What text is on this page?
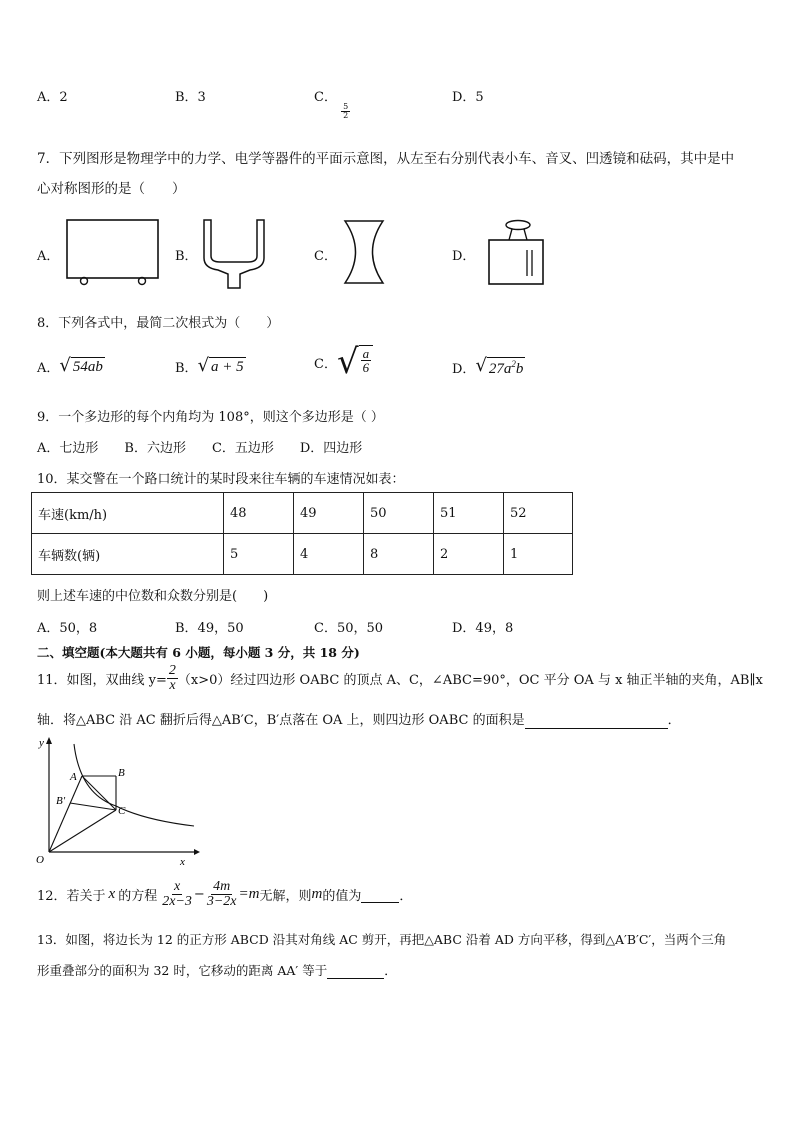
A．2	B．3	C．
$\frac{5}{2}$
D．5
7．下列图形是物理学中的力学、电学等器件的平面示意图，从左至右分别代表小车、音叉、凹透镜和砝码，其中是中
心对称图形的是（　　）
A．	B．	C．	D．
8．下列各式中，最简二次根式为（　　）
A． √ 54ab	B． √ a + 5	C． √ $\frac{a}{6}$	D． √ $27a^2b$
9．一个多边形的每个内角均为 108°，则这个多边形是（ ）
A．七边形　　B．六边形　　C．五边形　　D．四边形
10．某交警在一个路口统计的某时段来往车辆的车速情况如表：
车速(km/h)	48	49	50	51	52
车辆数(辆)	5	4	8	2	1
则上述车速的中位数和众数分别是(　　)
A．50，8	B．49，50	C．50，50	D．49，8
二、填空题(本大题共有 6 小题，每小题 3 分，共 18 分)
11．如图，双曲线 $y= \frac{2}{x} (x>0)$经过四边形 OABC 的顶点 A、C，∠ABC=90°，OC 平分 OA 与 x 轴正半轴的夹角，AB∥x
轴．将△ABC 沿 AC 翻折后得△AB′C，B′点落在 OA 上，则四边形 OABC 的面积是	．
y
x
O
A	B
B′
C
12．若关于 x 的方程 $\frac{x}{2x-3} - \frac{4m}{3-2x} =m$ 无解，则 m 的值为
	．
13．如图，将边长为 12 的正方形 ABCD 沿其对角线 AC 剪开，再把△ABC 沿着 AD 方向平移，得到△A′B′C′，当两个三角
形重叠部分的面积为 32 时，它移动的距离 AA′ 等于	．
